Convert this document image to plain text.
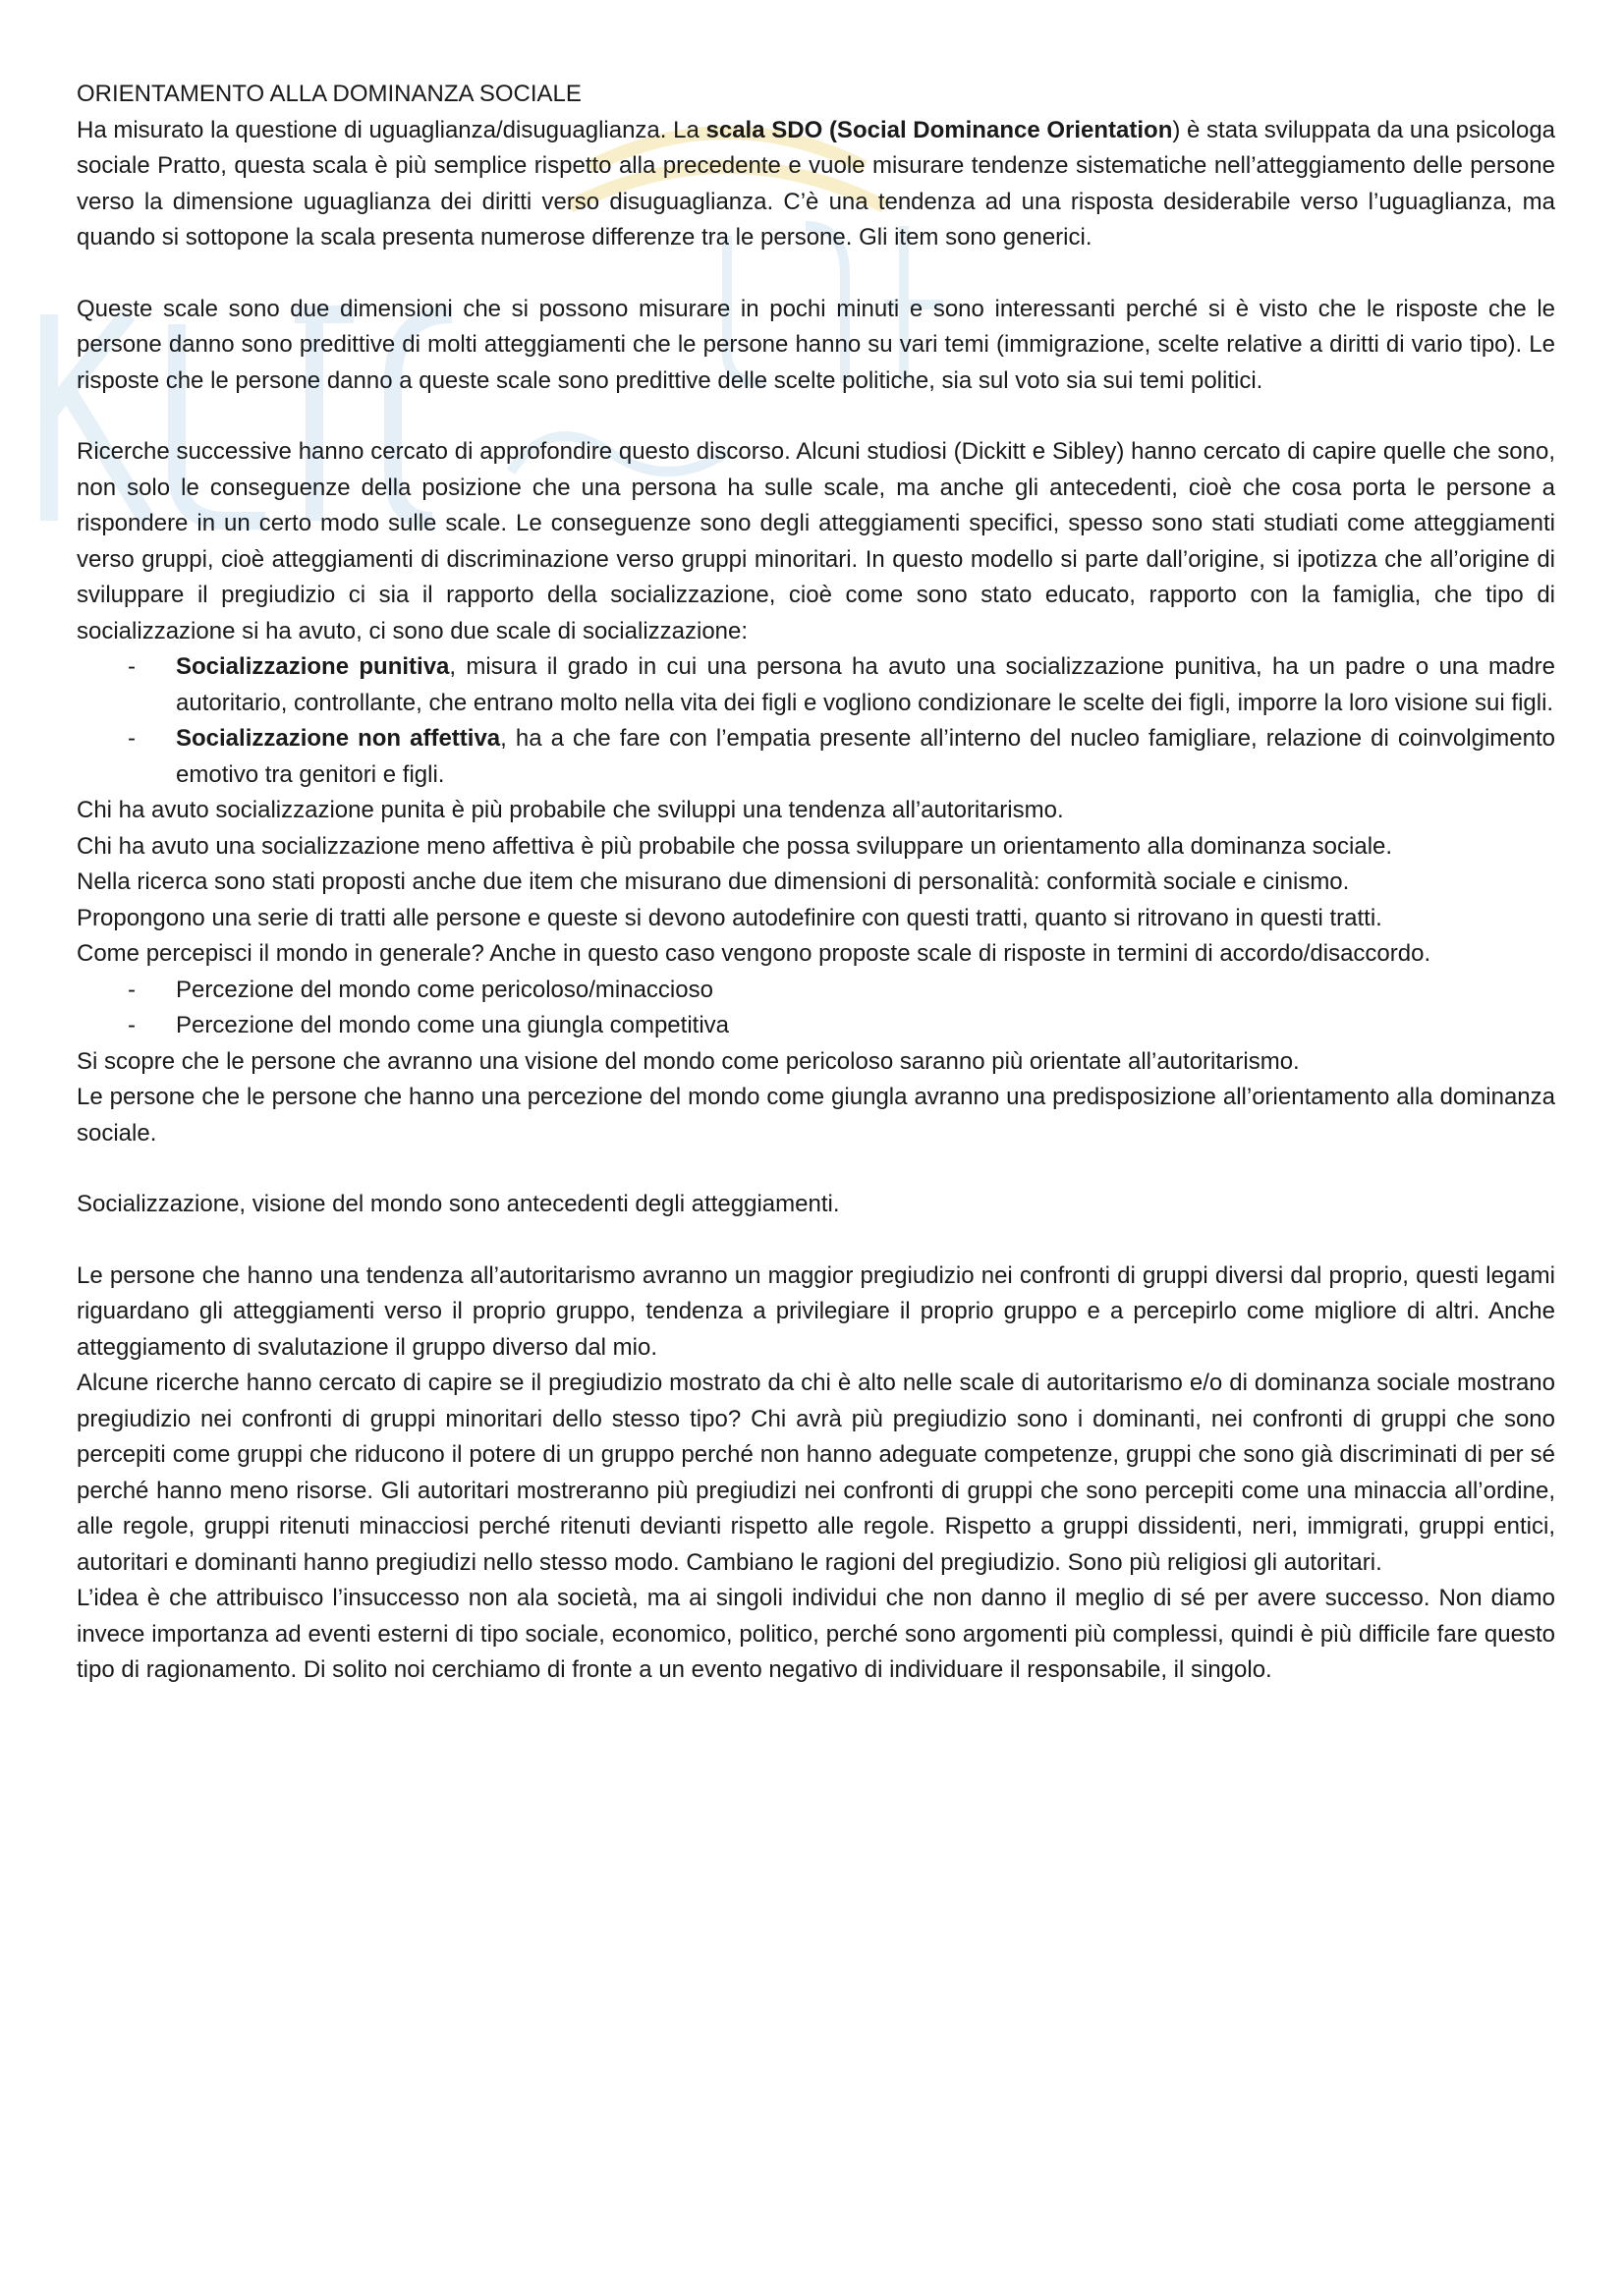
ORIENTAMENTO ALLA DOMINANZA SOCIALE

Ha misurato la questione di uguaglianza/disuguaglianza. La scala SDO (Social Dominance Orientation) è stata sviluppata da una psicologa sociale Pratto, questa scala è più semplice rispetto alla precedente e vuole misurare tendenze sistematiche nell’atteggiamento delle persone verso la dimensione uguaglianza dei diritti verso disuguaglianza. C’è una tendenza ad una risposta desiderabile verso l’uguaglianza, ma quando si sottopone la scala presenta numerose differenze tra le persone. Gli item sono generici.

Queste scale sono due dimensioni che si possono misurare in pochi minuti e sono interessanti perché si è visto che le risposte che le persone danno sono predittive di molti atteggiamenti che le persone hanno su vari temi (immigrazione, scelte relative a diritti di vario tipo). Le risposte che le persone danno a queste scale sono predittive delle scelte politiche, sia sul voto sia sui temi politici.

Ricerche successive hanno cercato di approfondire questo discorso. Alcuni studiosi (Dickitt e Sibley) hanno cercato di capire quelle che sono, non solo le conseguenze della posizione che una persona ha sulle scale, ma anche gli antecedenti, cioè che cosa porta le persone a rispondere in un certo modo sulle scale. Le conseguenze sono degli atteggiamenti specifici, spesso sono stati studiati come atteggiamenti verso gruppi, cioè atteggiamenti di discriminazione verso gruppi minoritari. In questo modello si parte dall’origine, si ipotizza che all’origine di sviluppare il pregiudizio ci sia il rapporto della socializzazione, cioè come sono stato educato, rapporto con la famiglia, che tipo di socializzazione si ha avuto, ci sono due scale di socializzazione:

- Socializzazione punitiva, misura il grado in cui una persona ha avuto una socializzazione punitiva, ha un padre o una madre autoritario, controllante, che entrano molto nella vita dei figli e vogliono condizionare le scelte dei figli, imporre la loro visione sui figli.
- Socializzazione non affettiva, ha a che fare con l’empatia presente all’interno del nucleo famigliare, relazione di coinvolgimento emotivo tra genitori e figli.

Chi ha avuto socializzazione punita è più probabile che sviluppi una tendenza all’autoritarismo.

Chi ha avuto una socializzazione meno affettiva è più probabile che possa sviluppare un orientamento alla dominanza sociale.

Nella ricerca sono stati proposti anche due item che misurano due dimensioni di personalità: conformità sociale e cinismo.

Propongono una serie di tratti alle persone e queste si devono autodefinire con questi tratti, quanto si ritrovano in questi tratti.

Come percepisci il mondo in generale? Anche in questo caso vengono proposte scale di risposte in termini di accordo/disaccordo.

- Percezione del mondo come pericoloso/minacciosо
- Percezione del mondo come una giungla competitiva

Si scopre che le persone che avranno una visione del mondo come pericoloso saranno più orientate all’autoritarismo.

Le persone che le persone che hanno una percezione del mondo come giungla avranno una predisposizione all’orientamento alla dominanza sociale.

Socializzazione, visione del mondo sono antecedenti degli atteggiamenti.

Le persone che hanno una tendenza all’autoritarismo avranno un maggior pregiudizio nei confronti di gruppi diversi dal proprio, questi legami riguardano gli atteggiamenti verso il proprio gruppo, tendenza a privilegiare il proprio gruppo e a percepirlo come migliore di altri. Anche atteggiamento di svalutazione il gruppo diverso dal mio.

Alcune ricerche hanno cercato di capire se il pregiudizio mostrato da chi è alto nelle scale di autoritarismo e/o di dominanza sociale mostrano pregiudizio nei confronti di gruppi minoritari dello stesso tipo? Chi avrà più pregiudizio sono i dominanti, nei confronti di gruppi che sono percepiti come gruppi che riducono il potere di un gruppo perché non hanno adeguate competenze, gruppi che sono già discriminati di per sé perché hanno meno risorse. Gli autoritari mostreranno più pregiudizi nei confronti di gruppi che sono percepiti come una minaccia all’ordine, alle regole, gruppi ritenuti minacciosi perché ritenuti devianti rispetto alle regole. Rispetto a gruppi dissidenti, neri, immigrati, gruppi entici, autoritari e dominanti hanno pregiudizi nello stesso modo. Cambiano le ragioni del pregiudizio. Sono più religiosi gli autoritari.

L’idea è che attribuisco l’insuccesso non ala società, ma ai singoli individui che non danno il meglio di sé per avere successo. Non diamo invece importanza ad eventi esterni di tipo sociale, economico, politico, perché sono argomenti più complessi, quindi è più difficile fare questo tipo di ragionamento. Di solito noi cerchiamo di fronte a un evento negativo di individuare il responsabile, il singolo.
